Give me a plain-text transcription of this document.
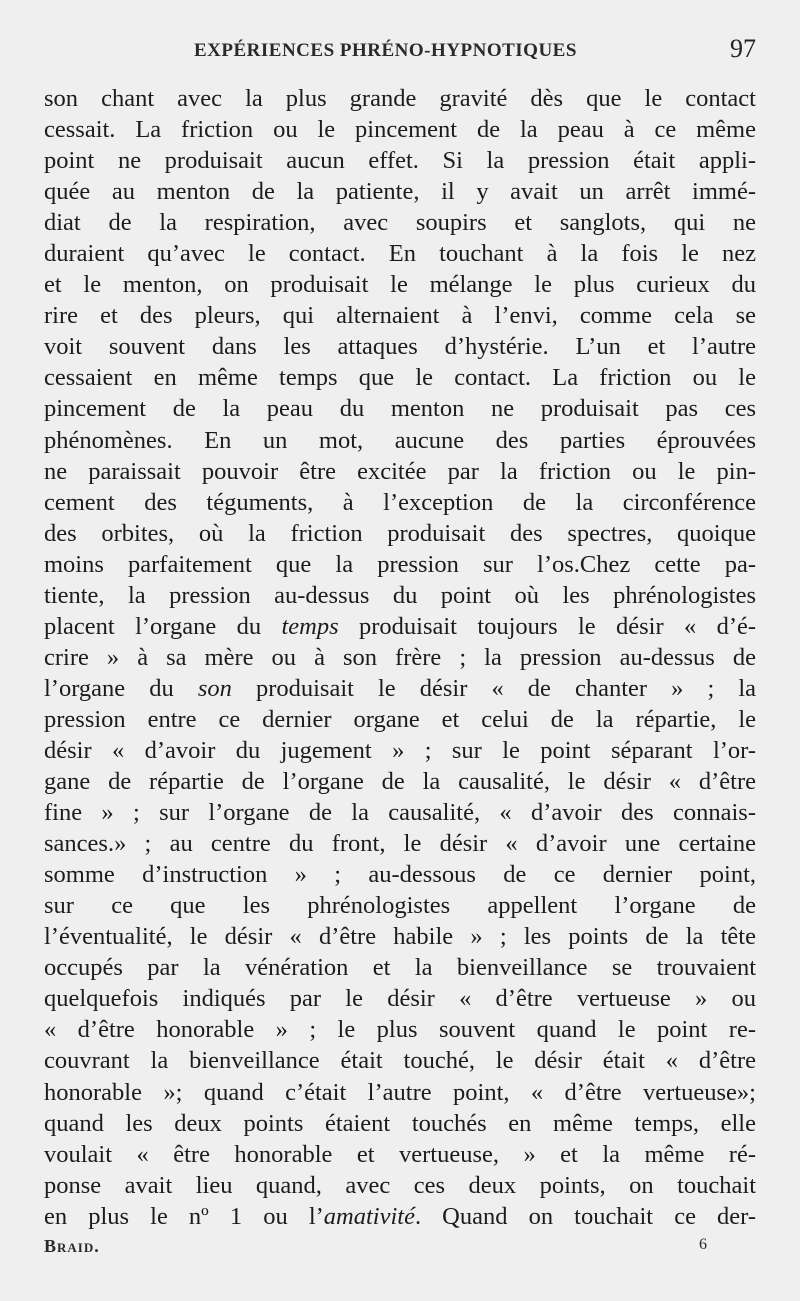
EXPÉRIENCES PHRÉNO-HYPNOTIQUES	97
son chant avec la plus grande gravité dès que le contact
cessait. La friction ou le pincement de la peau à ce même
point ne produisait aucun effet. Si la pression était appli-
quée au menton de la patiente, il y avait un arrêt immé-
diat de la respiration, avec soupirs et sanglots, qui ne
duraient qu’avec le contact. En touchant à la fois le nez
et le menton, on produisait le mélange le plus curieux du
rire et des pleurs, qui alternaient à l’envi, comme cela se
voit souvent dans les attaques d’hystérie. L’un et l’autre
cessaient en même temps que le contact. La friction ou le
pincement de la peau du menton ne produisait pas ces
phénomènes. En un mot, aucune des parties éprouvées
ne paraissait pouvoir être excitée par la friction ou le pin-
cement des téguments, à l’exception de la circonférence
des orbites, où la friction produisait des spectres, quoique
moins parfaitement que la pression sur l’os.Chez cette pa-
tiente, la pression au-dessus du point où les phrénologistes
placent l’organe du temps produisait toujours le désir « d’é-
crire » à sa mère ou à son frère ; la pression au-dessus de
l’organe du son produisait le désir « de chanter » ; la
pression entre ce dernier organe et celui de la répartie, le
désir « d’avoir du jugement » ; sur le point séparant l’or-
gane de répartie de l’organe de la causalité, le désir « d’être
fine » ; sur l’organe de la causalité, « d’avoir des connais-
sances.» ; au centre du front, le désir « d’avoir une certaine
somme d’instruction » ; au-dessous de ce dernier point,
sur ce que les phrénologistes appellent l’organe de
l’éventualité, le désir « d’être habile » ; les points de la tête
occupés par la vénération et la bienveillance se trouvaient
quelquefois indiqués par le désir « d’être vertueuse » ou
« d’être honorable » ; le plus souvent quand le point re-
couvrant la bienveillance était touché, le désir était « d’être
honorable »; quand c’était l’autre point, « d’être vertueuse»;
quand les deux points étaient touchés en même temps, elle
voulait « être honorable et vertueuse, » et la même ré-
ponse avait lieu quand, avec ces deux points, on touchait
en plus le nº 1 ou l’amativité. Quand on touchait ce der-
Braid.	6
